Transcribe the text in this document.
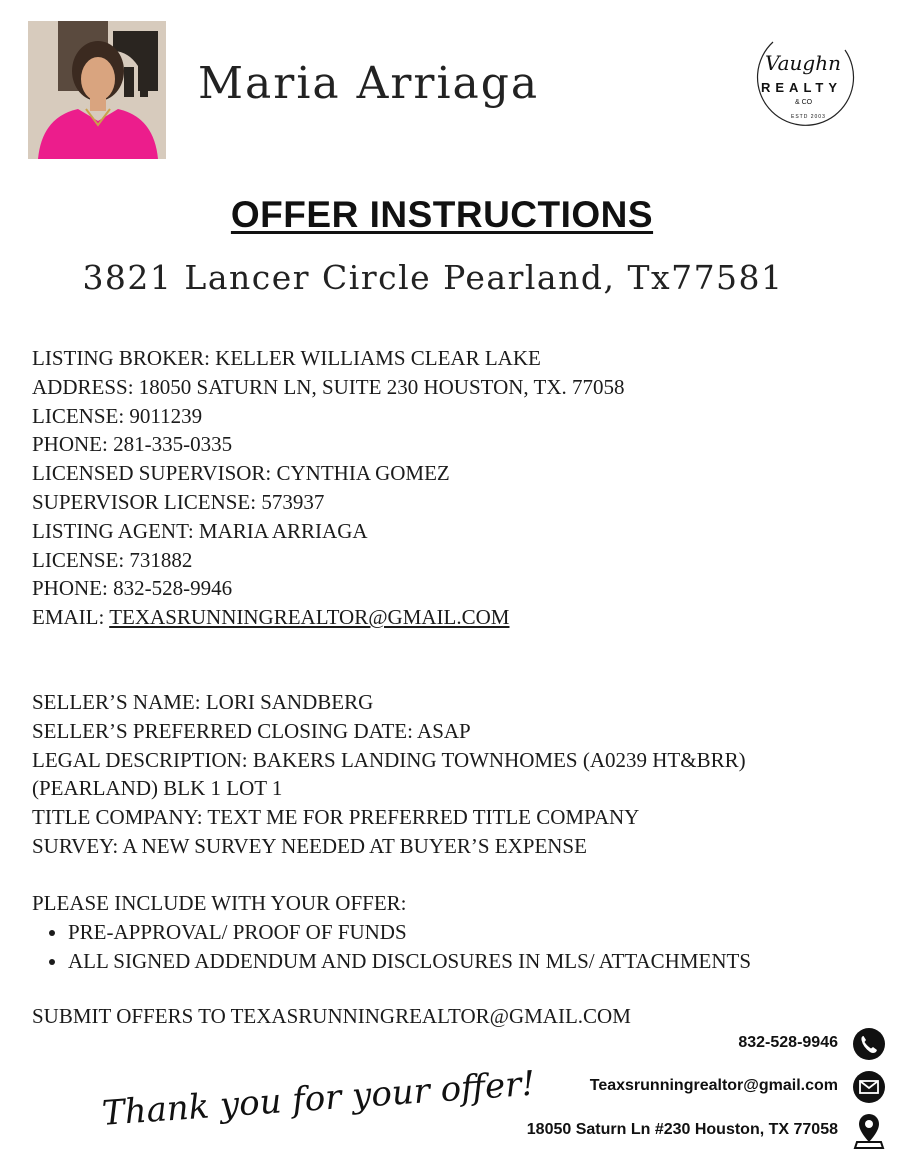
Maria Arriaga	Vaughn
REALTY
& CO
ESTD 2003
OFFER INSTRUCTIONS
3821 Lancer Circle Pearland, Tx77581
LISTING BROKER: KELLER WILLIAMS CLEAR LAKE
ADDRESS: 18050 SATURN LN, SUITE 230 HOUSTON, TX. 77058
LICENSE: 9011239
PHONE: 281-335-0335
LICENSED SUPERVISOR: CYNTHIA GOMEZ
SUPERVISOR LICENSE: 573937
LISTING AGENT: MARIA ARRIAGA
LICENSE: 731882
PHONE: 832-528-9946
EMAIL: TEXASRUNNINGREALTOR@GMAIL.COM
SELLER’S NAME: LORI SANDBERG
SELLER’S PREFERRED CLOSING DATE: ASAP
LEGAL DESCRIPTION: BAKERS LANDING TOWNHOMES (A0239 HT&BRR)
(PEARLAND) BLK 1 LOT 1
TITLE COMPANY: TEXT ME FOR PREFERRED TITLE COMPANY
SURVEY: A NEW SURVEY NEEDED AT BUYER’S EXPENSE
PLEASE INCLUDE WITH YOUR OFFER:
• PRE-APPROVAL/ PROOF OF FUNDS
• ALL SIGNED ADDENDUM AND DISCLOSURES IN MLS/ ATTACHMENTS
SUBMIT OFFERS TO TEXASRUNNINGREALTOR@GMAIL.COM
832-528-9946
Teaxsrunningrealtor@gmail.com
18050 Saturn Ln #230 Houston, TX 77058
Thank you for your offer!
